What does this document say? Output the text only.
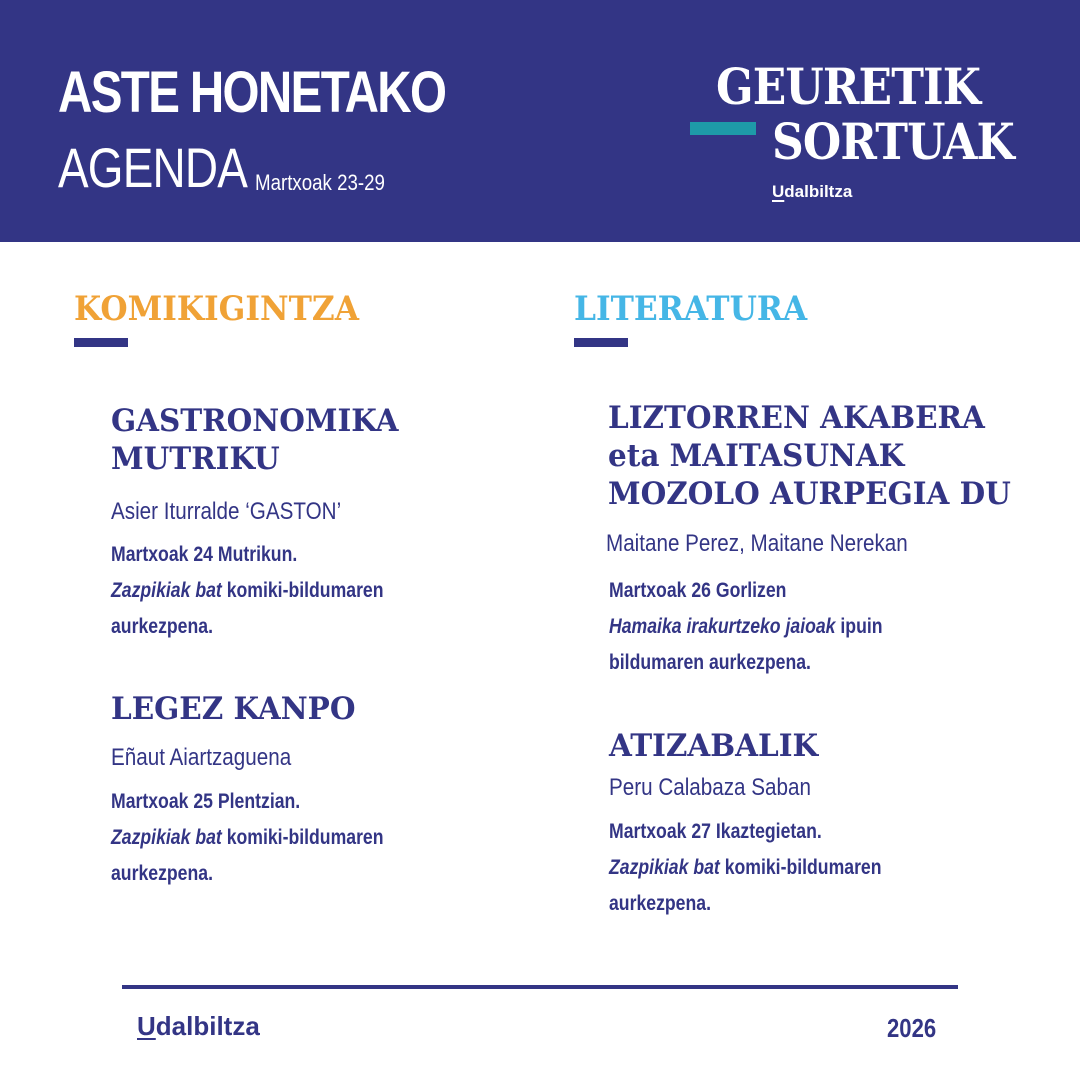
ASTE HONETAKO
AGENDA Martxoak 23-29
GEURETIK
SORTUAK
Udalbiltza
KOMIKIGINTZA
GASTRONOMIKA
MUTRIKU
Asier Iturralde ‘GASTON’
Martxoak 24 Mutrikun.
Zazpikiak bat komiki-bildumaren
aurkezpena.
LEGEZ KANPO
Eñaut Aiartzaguena
Martxoak 25 Plentzian.
Zazpikiak bat komiki-bildumaren
aurkezpena.
LITERATURA
LIZTORREN AKABERA
eta MAITASUNAK
MOZOLO AURPEGIA DU
Maitane Perez, Maitane Nerekan
Martxoak 26 Gorlizen
Hamaika irakurtzeko jaioak ipuin
bildumaren aurkezpena.
ATIZABALIK
Peru Calabaza Saban
Martxoak 27 Ikaztegietan.
Zazpikiak bat komiki-bildumaren
aurkezpena.
Udalbiltza	2026
